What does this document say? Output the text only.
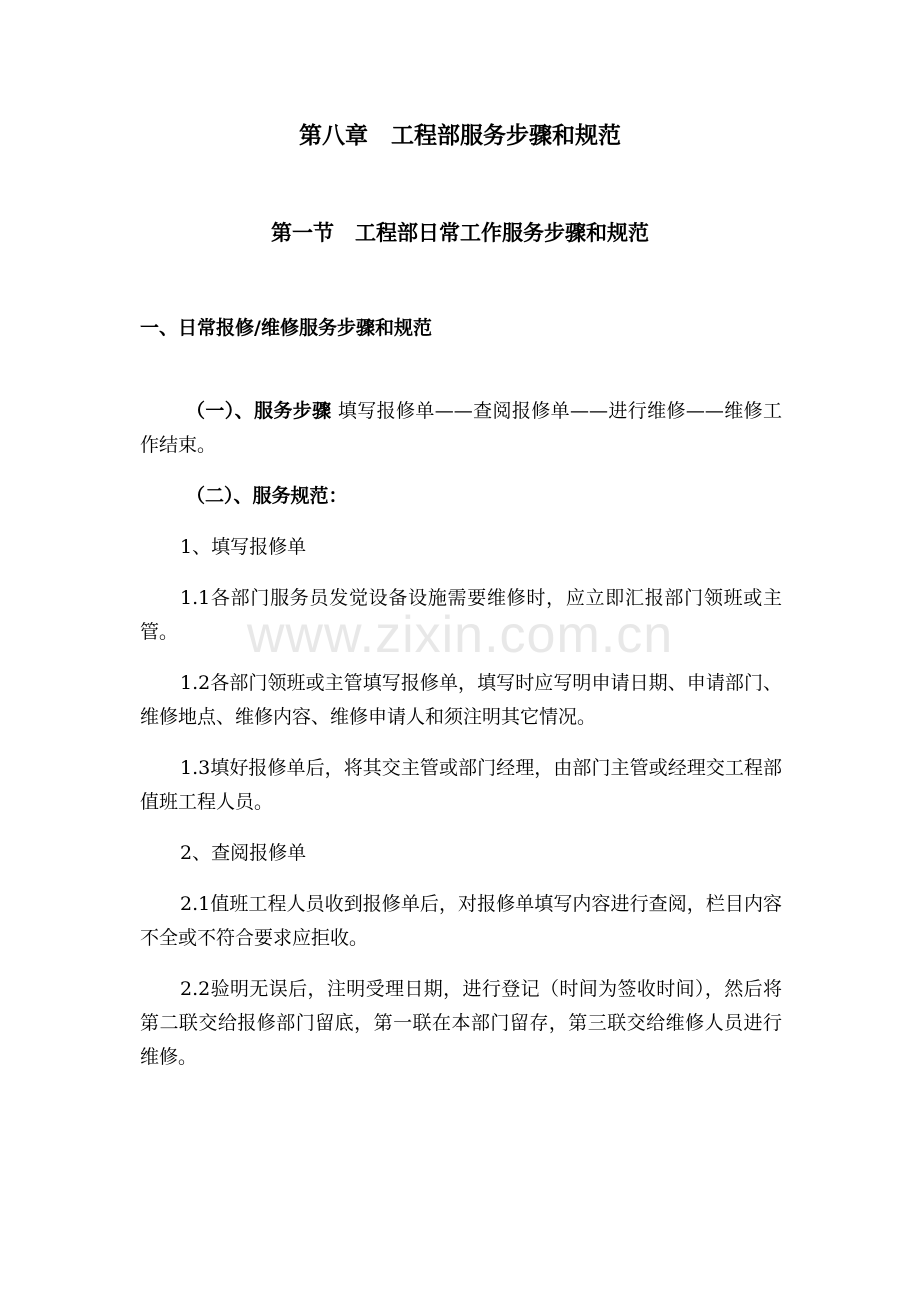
第八章　工程部服务步骤和规范
第一节　工程部日常工作服务步骤和规范
一、日常报修/维修服务步骤和规范

（一）、服务步骤 填写报修单——查阅报修单——进行维修——维修工作结束。

（二）、服务规范：

1、填写报修单

1.1各部门服务员发觉设备设施需要维修时，应立即汇报部门领班或主管。

1.2各部门领班或主管填写报修单，填写时应写明申请日期、申请部门、维修地点、维修内容、维修申请人和须注明其它情况。

1.3填好报修单后，将其交主管或部门经理，由部门主管或经理交工程部值班工程人员。

2、查阅报修单

2.1值班工程人员收到报修单后，对报修单填写内容进行查阅，栏目内容不全或不符合要求应拒收。

2.2验明无误后，注明受理日期，进行登记（时间为签收时间），然后将第二联交给报修部门留底，第一联在本部门留存，第三联交给维修人员进行维修。

www.zixin.com.cn
